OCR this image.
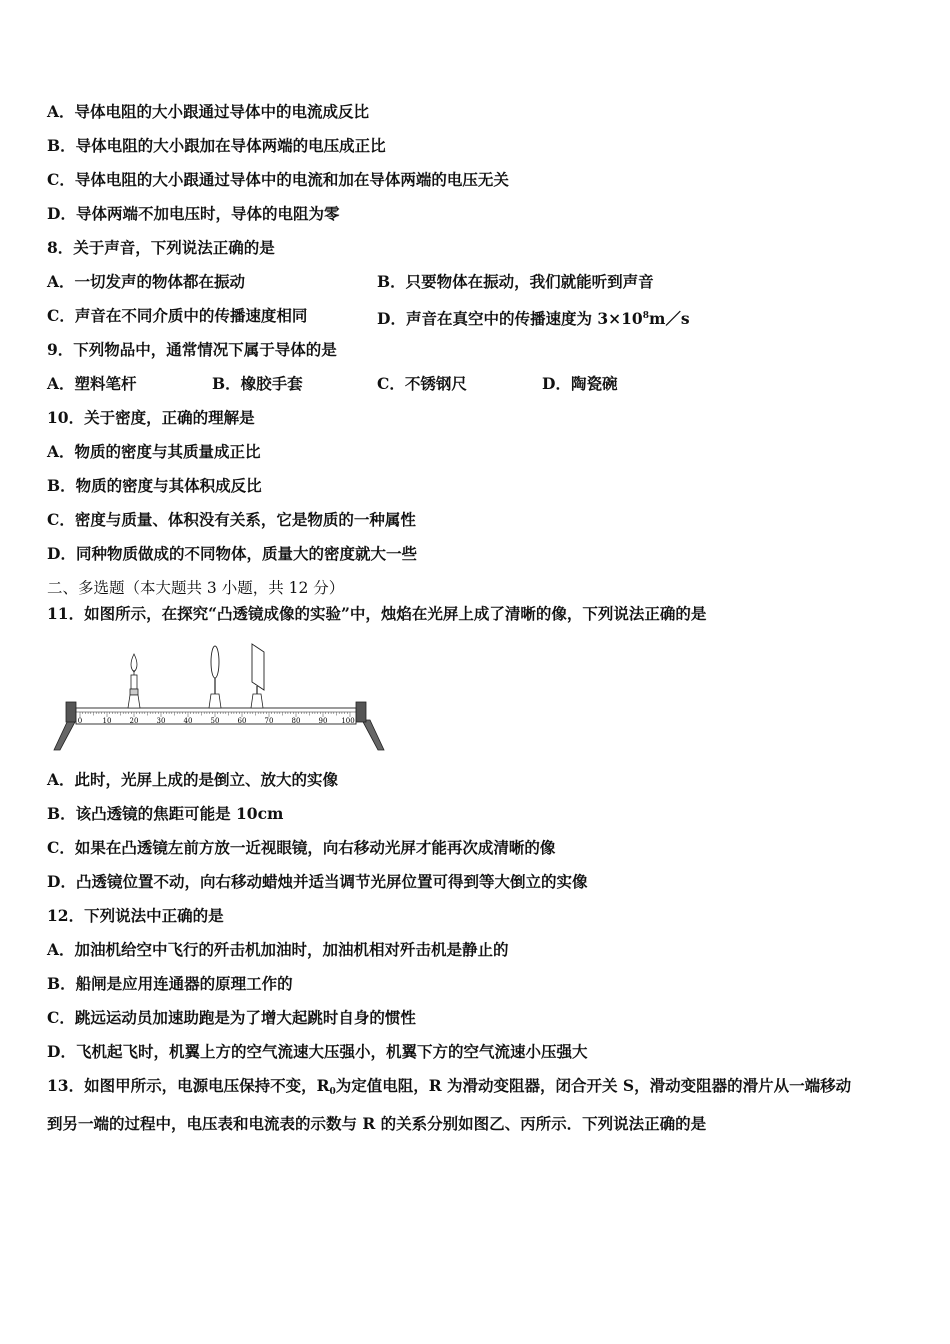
A．导体电阻的大小跟通过导体中的电流成反比
B．导体电阻的大小跟加在导体两端的电压成正比
C．导体电阻的大小跟通过导体中的电流和加在导体两端的电压无关
D．导体两端不加电压时，导体的电阻为零
8．关于声音，下列说法正确的是
A．一切发声的物体都在振动	B．只要物体在振动，我们就能听到声音
C．声音在不同介质中的传播速度相同	D．声音在真空中的传播速度为 $3\times 10^8m/s$
9．下列物品中，通常情况下属于导体的是
A．塑料笔杆	B．橡胶手套	C．不锈钢尺	D．陶瓷碗
10．关于密度，正确的理解是
A．物质的密度与其质量成正比
B．物质的密度与其体积成反比
C．密度与质量、体积没有关系，它是物质的一种属性
D．同种物质做成的不同物体，质量大的密度就大一些
二、多选题（本大题共 3 小题，共 12 分）
11．如图所示，在探究“凸透镜成像的实验”中，烛焰在光屏上成了清晰的像，下列说法正确的是
0	10	20	30	40	50	60	70	80	90 100
A．此时，光屏上成的是倒立、放大的实像
B．该凸透镜的焦距可能是 10cm
C．如果在凸透镜左前方放一近视眼镜，向右移动光屏才能再次成清晰的像
D．凸透镜位置不动，向右移动蜡烛并适当调节光屏位置可得到等大倒立的实像
12．下列说法中正确的是
A．加油机给空中飞行的歼击机加油时，加油机相对歼击机是静止的
B．船闸是应用连通器的原理工作的
C．跳远运动员加速助跑是为了增大起跳时自身的惯性
D．飞机起飞时，机翼上方的空气流速大压强小，机翼下方的空气流速小压强大
13．如图甲所示，电源电压保持不变，$R_0$为定值电阻，R 为滑动变阻器，闭合开关 S，滑动变阻器的滑片从一端移动
到另一端的过程中，电压表和电流表的示数与 R 的关系分别如图乙、丙所示．下列说法正确的是
